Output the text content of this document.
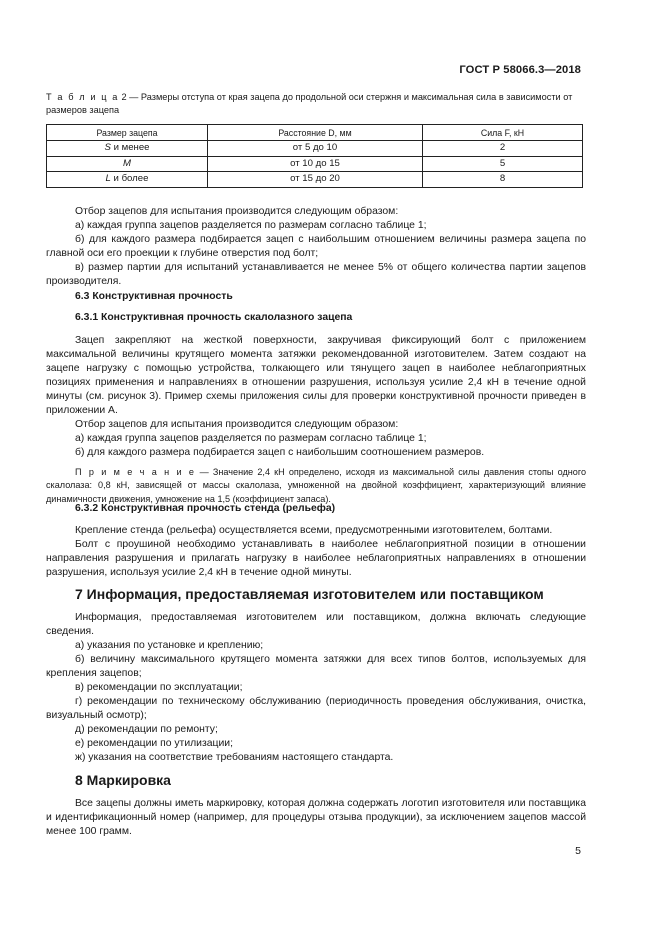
ГОСТ Р 58066.3—2018
Т а б л и ц а 2 — Размеры отступа от края зацепа до продольной оси стержня и максимальная сила в зависимости от размеров зацепа
Размер зацепа	Расстояние D, мм	Сила F, кН
S и менее	от 5 до 10	2
M	от 10 до 15	5
L и более	от 15 до 20	8

Отбор зацепов для испытания производится следующим образом:

а) каждая группа зацепов разделяется по размерам согласно таблице 1;

б) для каждого размера подбирается зацеп с наибольшим отношением величины размера зацепа по главной оси его проекции к глубине отверстия под болт;

в) размер партии для испытаний устанавливается не менее 5% от общего количества партии зацепов производителя.

6.3 Конструктивная прочность

6.3.1 Конструктивная прочность скалолазного зацепа

Зацеп закрепляют на жесткой поверхности, закручивая фиксирующий болт с приложением максимальной величины крутящего момента затяжки рекомендованной изготовителем. Затем создают на зацепе нагрузку с помощью устройства, толкающего или тянущего зацеп в наиболее неблагоприятных позициях применения и направлениях в отношении разрушения, используя усилие 2,4 кН в течение одной минуты (см. рисунок 3). Пример схемы приложения силы для проверки конструктивной прочности приведен в приложении А.

Отбор зацепов для испытания производится следующим образом:

а) каждая группа зацепов разделяется по размерам согласно таблице 1;

б) для каждого размера подбирается зацеп с наибольшим соотношением размеров.

П р и м е ч а н и е — Значение 2,4 кН определено, исходя из максимальной силы давления стопы одного скалолаза: 0,8 кН, зависящей от массы скалолаза, умноженной на двойной коэффициент, характеризующий влияние динамичности движения, умножение на 1,5 (коэффициент запаса).

6.3.2 Конструктивная прочность стенда (рельефа)

Крепление стенда (рельефа) осуществляется всеми, предусмотренными изготовителем, болтами.

Болт с проушиной необходимо устанавливать в наиболее неблагоприятной позиции в отношении направления разрушения и прилагать нагрузку в наиболее неблагоприятных направлениях в отношении разрушения, используя усилие 2,4 кН в течение одной минуты.

7 Информация, предоставляемая изготовителем или поставщиком

Информация, предоставляемая изготовителем или поставщиком, должна включать следующие сведения.

а) указания по установке и креплению;

б) величину максимального крутящего момента затяжки для всех типов болтов, используемых для крепления зацепов;

в) рекомендации по эксплуатации;

г) рекомендации по техническому обслуживанию (периодичность проведения обслуживания, очистка, визуальный осмотр);

д) рекомендации по ремонту;

е) рекомендации по утилизации;

ж) указания на соответствие требованиям настоящего стандарта.

8 Маркировка

Все зацепы должны иметь маркировку, которая должна содержать логотип изготовителя или поставщика и идентификационный номер (например, для процедуры отзыва продукции), за исключением зацепов массой менее 100 грамм.

5
